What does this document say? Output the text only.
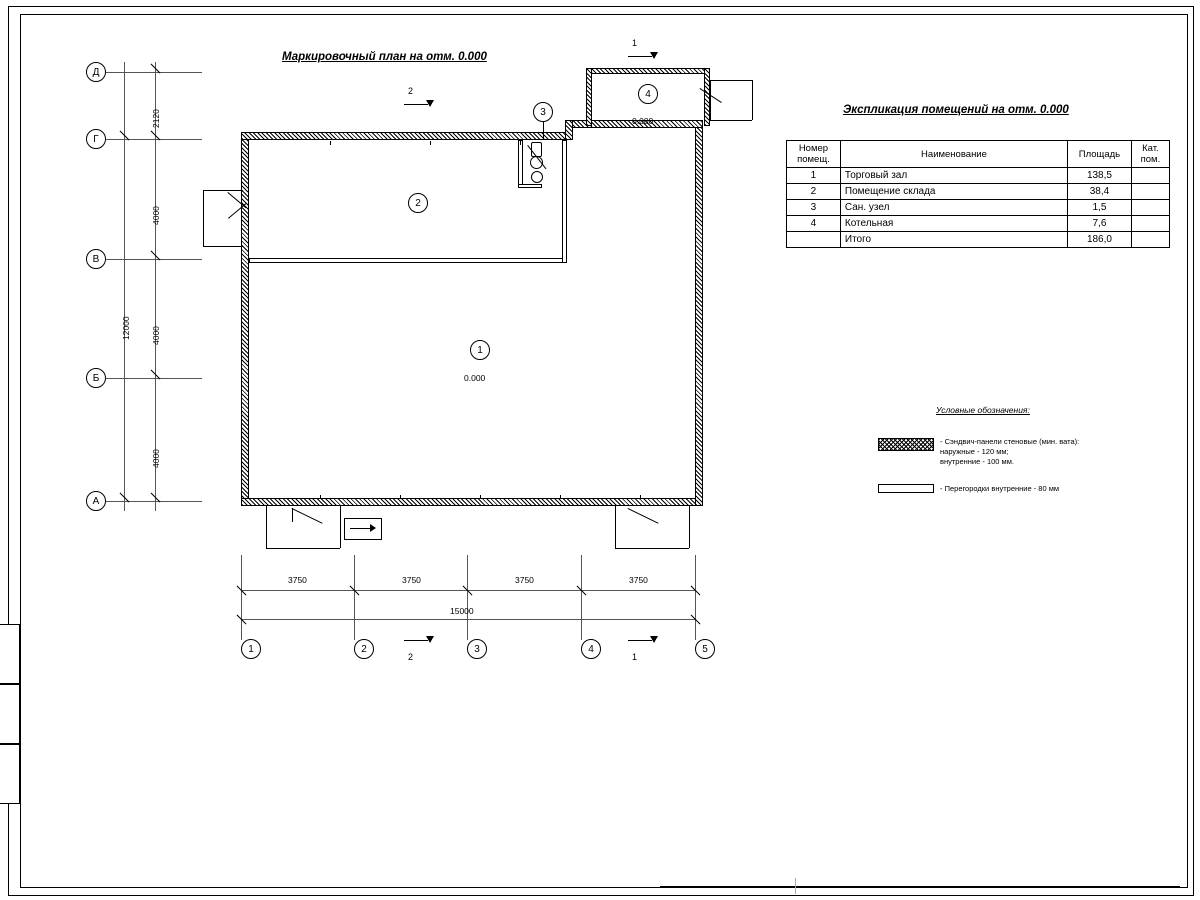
Маркировочный план на отм. 0.000
Экспликация помещений на отм. 0.000
Д
Г
В
Б
А
2120
4000
4000
4000
12000
1
0.000
2
3
4
0.000
1
2
2	1
3750	3750	3750	3750
15000
1	2	3	4	5
Номер
помещ.	Наименование	Площадь	Кат.
пом.
1	Торговый зал	138,5	
2	Помещение склада	38,4	
3	Сан. узел	1,5	
4	Котельная	7,6	
	Итого	186,0	
Условные обозначения:
- Сэндвич-панели стеновые (мин. вата):
наружные - 120 мм;
внутренние - 100 мм.
- Перегородки внутренние - 80 мм
